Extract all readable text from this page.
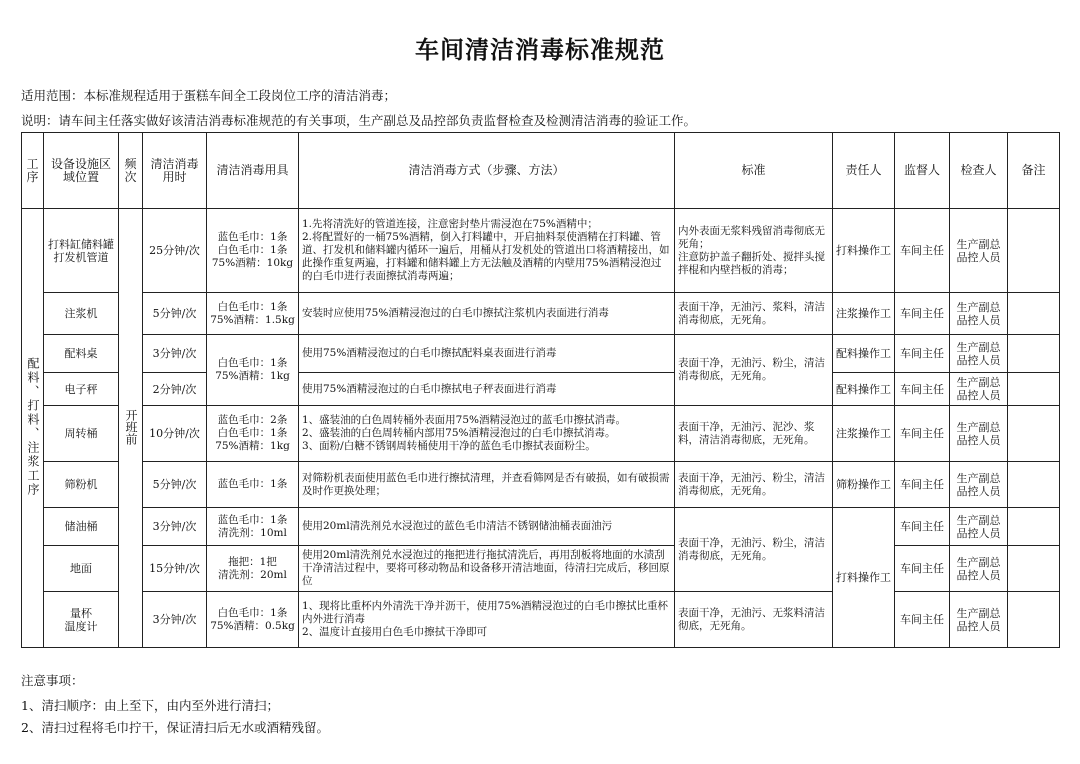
车间清洁消毒标准规范
适用范围：本标准规程适用于蛋糕车间全工段岗位工序的清洁消毒；
说明：请车间主任落实做好该清洁消毒标准规范的有关事项，生产副总及品控部负责监督检查及检测清洁消毒的验证工作。
工序	设备设施区域位置	频次	清洁消毒用时	清洁消毒用具	清洁消毒方式（步骤、方法）	标准	责任人	监督人	检查人	备注
配料、打料、注浆工序	打料缸储料罐打发机管道	开班前	25分钟/次	蓝色毛巾：1条
白色毛巾：1条
75%酒精：10kg	1.先将清洗好的管道连接，注意密封垫片需浸泡在75%酒精中；
2.将配置好的一桶75%酒精，倒入打料罐中，开启抽料泵使酒精在打料罐、管道、打发机和储料罐内循环一遍后，用桶从打发机处的管道出口将酒精接出，如此操作重复两遍，打料罐和储料罐上方无法触及酒精的内壁用75%酒精浸泡过的白毛巾进行表面擦拭消毒两遍；	内外表面无浆料残留消毒彻底无死角；
注意防护盖子翻折处、搅拌头搅拌棍和内壁挡板的消毒；	打料操作工	车间主任	生产副总品控人员	
	注浆机		5分钟/次	白色毛巾：1条
75%酒精：1.5kg	安装时应使用75%酒精浸泡过的白毛巾擦拭注浆机内表面进行消毒	表面干净，无油污、浆料，清洁消毒彻底，无死角。	注浆操作工	车间主任	生产副总品控人员	
	配料桌		3分钟/次	白色毛巾：1条
75%酒精：1kg	使用75%酒精浸泡过的白毛巾擦拭配料桌表面进行消毒	表面干净，无油污、粉尘，清洁消毒彻底，无死角。	配料操作工	车间主任	生产副总品控人员	
	电子秤		2分钟/次		使用75%酒精浸泡过的白毛巾擦拭电子秤表面进行消毒		配料操作工	车间主任	生产副总品控人员	
	周转桶		10分钟/次	蓝色毛巾：2条
白色毛巾：1条
75%酒精：1kg	1、盛装油的白色周转桶外表面用75%酒精浸泡过的蓝毛巾擦拭消毒。
2、盛装油的白色周转桶内部用75%酒精浸泡过的白毛巾擦拭消毒。
3、面粉/白糖不锈钢周转桶使用干净的蓝色毛巾擦拭表面粉尘。	表面干净，无油污、泥沙、浆料，清洁消毒彻底，无死角。	注浆操作工	车间主任	生产副总品控人员	
	筛粉机		5分钟/次	蓝色毛巾：1条	对筛粉机表面使用蓝色毛巾进行擦拭清理，并查看筛网是否有破损，如有破损需及时作更换处理；	表面干净，无油污、粉尘，清洁消毒彻底，无死角。	筛粉操作工	车间主任	生产副总品控人员	
	储油桶		3分钟/次	蓝色毛巾：1条
清洗剂：10ml	使用20ml清洗剂兑水浸泡过的蓝色毛巾清洁不锈钢储油桶表面油污	表面干净，无油污、粉尘，清洁消毒彻底，无死角。	打料操作工	车间主任	生产副总品控人员	
	地面		15分钟/次	拖把：1把
清洗剂：20ml	使用20ml清洗剂兑水浸泡过的拖把进行拖拭清洗后，再用刮板将地面的水渍刮干净清洁过程中，要将可移动物品和设备移开清洁地面，待清扫完成后，移回原位			车间主任	生产副总品控人员	
	量杯
温度计		3分钟/次	白色毛巾：1条
75%酒精：0.5kg	1、现将比重杯内外清洗干净并沥干，使用75%酒精浸泡过的白毛巾擦拭比重杯内外进行消毒
2、温度计直接用白色毛巾擦拭干净即可	表面干净，无油污、无浆料清洁彻底，无死角。		车间主任	生产副总品控人员	
注意事项：
1、清扫顺序：由上至下，由内至外进行清扫；
2、清扫过程将毛巾拧干，保证清扫后无水或酒精残留。
